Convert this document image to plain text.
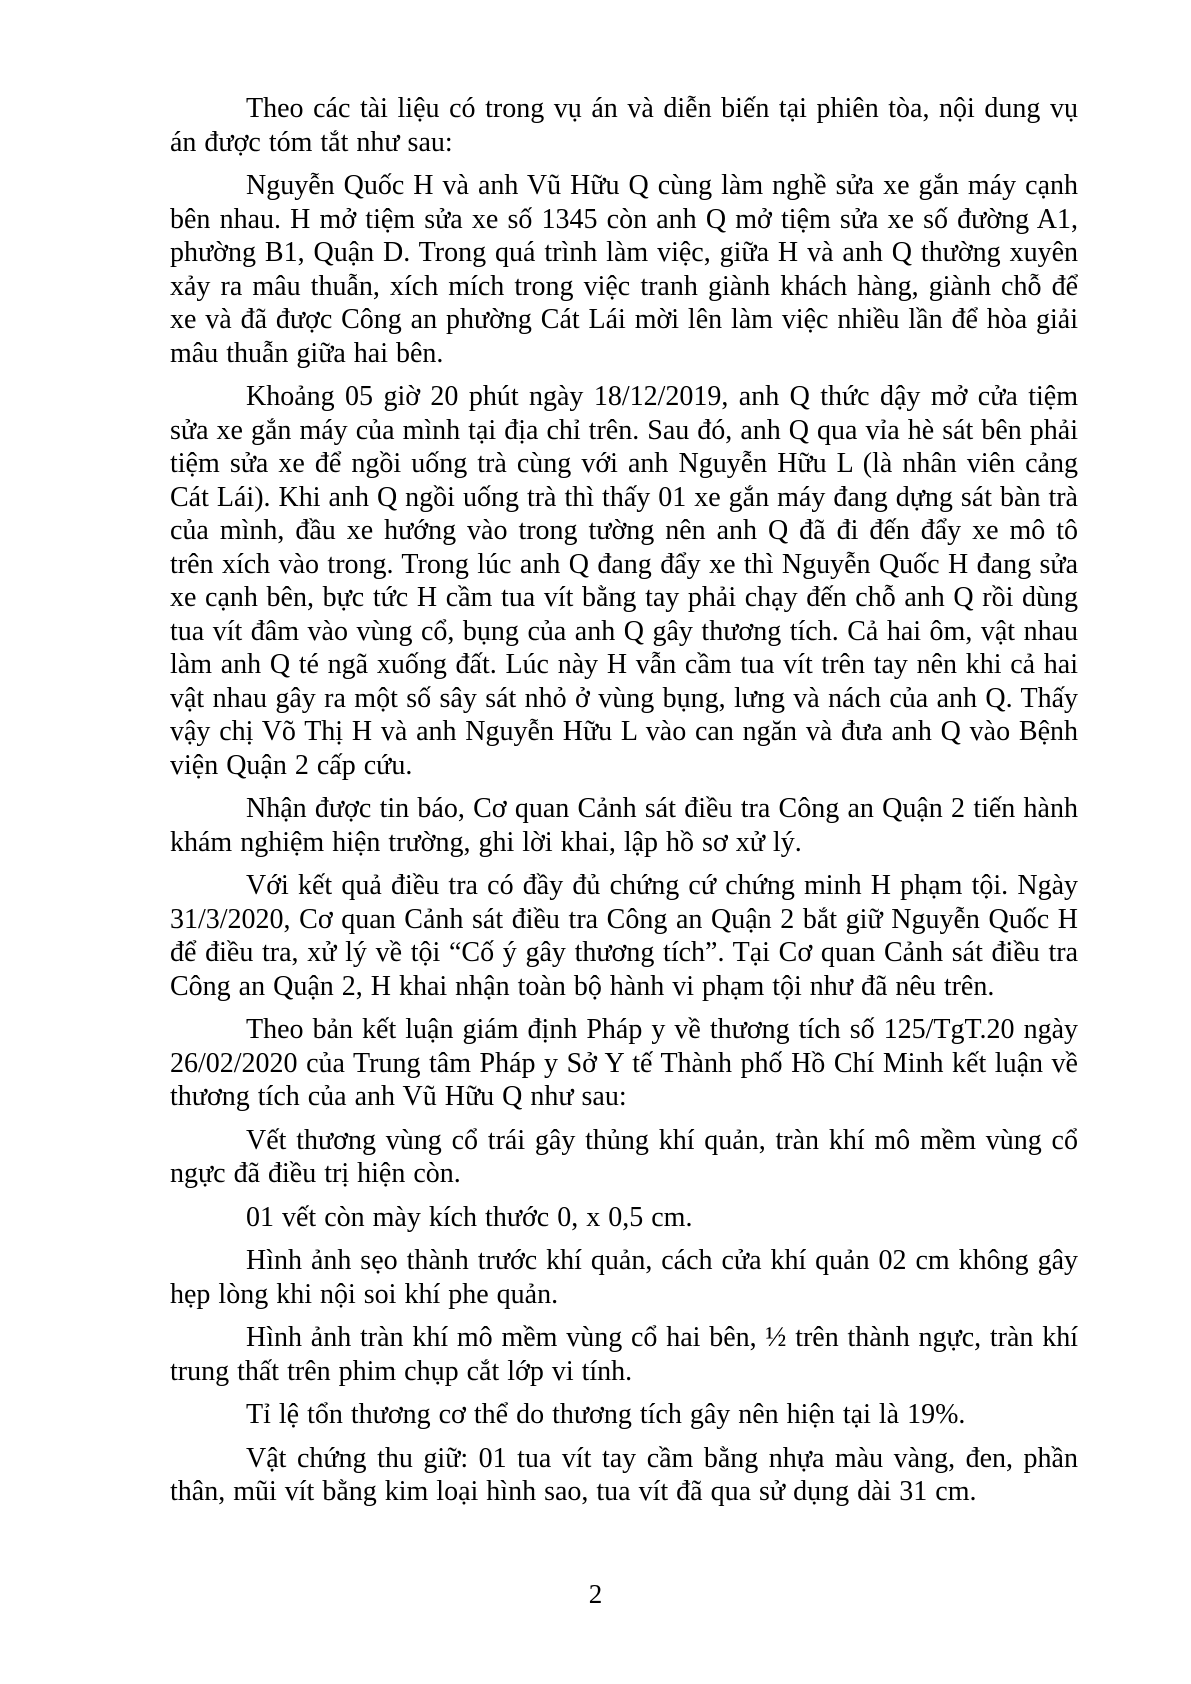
Theo các tài liệu có trong vụ án và diễn biến tại phiên tòa, nội dung vụ án được tóm tắt như sau:

Nguyễn Quốc H và anh Vũ Hữu Q cùng làm nghề sửa xe gắn máy cạnh bên nhau. H mở tiệm sửa xe số 1345 còn anh Q mở tiệm sửa xe số đường A1, phường B1, Quận D. Trong quá trình làm việc, giữa H và anh Q thường xuyên xảy ra mâu thuẫn, xích mích trong việc tranh giành khách hàng, giành chỗ để xe và đã được Công an phường Cát Lái mời lên làm việc nhiều lần để hòa giải mâu thuẫn giữa hai bên.

Khoảng 05 giờ 20 phút ngày 18/12/2019, anh Q thức dậy mở cửa tiệm sửa xe gắn máy của mình tại địa chỉ trên. Sau đó, anh Q qua vỉa hè sát bên phải tiệm sửa xe để ngồi uống trà cùng với anh Nguyễn Hữu L (là nhân viên cảng Cát Lái). Khi anh Q ngồi uống trà thì thấy 01 xe gắn máy đang dựng sát bàn trà của mình, đầu xe hướng vào trong tường nên anh Q đã đi đến đẩy xe mô tô trên xích vào trong. Trong lúc anh Q đang đẩy xe thì Nguyễn Quốc H đang sửa xe cạnh bên, bực tức H cầm tua vít bằng tay phải chạy đến chỗ anh Q rồi dùng tua vít đâm vào vùng cổ, bụng của anh Q gây thương tích. Cả hai ôm, vật nhau làm anh Q té ngã xuống đất. Lúc này H vẫn cầm tua vít trên tay nên khi cả hai vật nhau gây ra một số sây sát nhỏ ở vùng bụng, lưng và nách của anh Q. Thấy vậy chị Võ Thị H và anh Nguyễn Hữu L vào can ngăn và đưa anh Q vào Bệnh viện Quận 2 cấp cứu.

Nhận được tin báo, Cơ quan Cảnh sát điều tra Công an Quận 2 tiến hành khám nghiệm hiện trường, ghi lời khai, lập hồ sơ xử lý.

Với kết quả điều tra có đầy đủ chứng cứ chứng minh H phạm tội. Ngày 31/3/2020, Cơ quan Cảnh sát điều tra Công an Quận 2 bắt giữ Nguyễn Quốc H để điều tra, xử lý về tội “Cố ý gây thương tích”. Tại Cơ quan Cảnh sát điều tra Công an Quận 2, H khai nhận toàn bộ hành vi phạm tội như đã nêu trên.

Theo bản kết luận giám định Pháp y về thương tích số 125/TgT.20 ngày 26/02/2020 của Trung tâm Pháp y Sở Y tế Thành phố Hồ Chí Minh kết luận về thương tích của anh Vũ Hữu Q như sau:

Vết thương vùng cổ trái gây thủng khí quản, tràn khí mô mềm vùng cổ ngực đã điều trị hiện còn.

01 vết còn mày kích thước 0, x 0,5 cm.

Hình ảnh sẹo thành trước khí quản, cách cửa khí quản 02 cm không gây hẹp lòng khi nội soi khí phe quản.

Hình ảnh tràn khí mô mềm vùng cổ hai bên, ½ trên thành ngực, tràn khí trung thất trên phim chụp cắt lớp vi tính.

Tỉ lệ tổn thương cơ thể do thương tích gây nên hiện tại là 19%.

Vật chứng thu giữ: 01 tua vít tay cầm bằng nhựa màu vàng, đen, phần thân, mũi vít bằng kim loại hình sao, tua vít đã qua sử dụng dài 31 cm.

2
